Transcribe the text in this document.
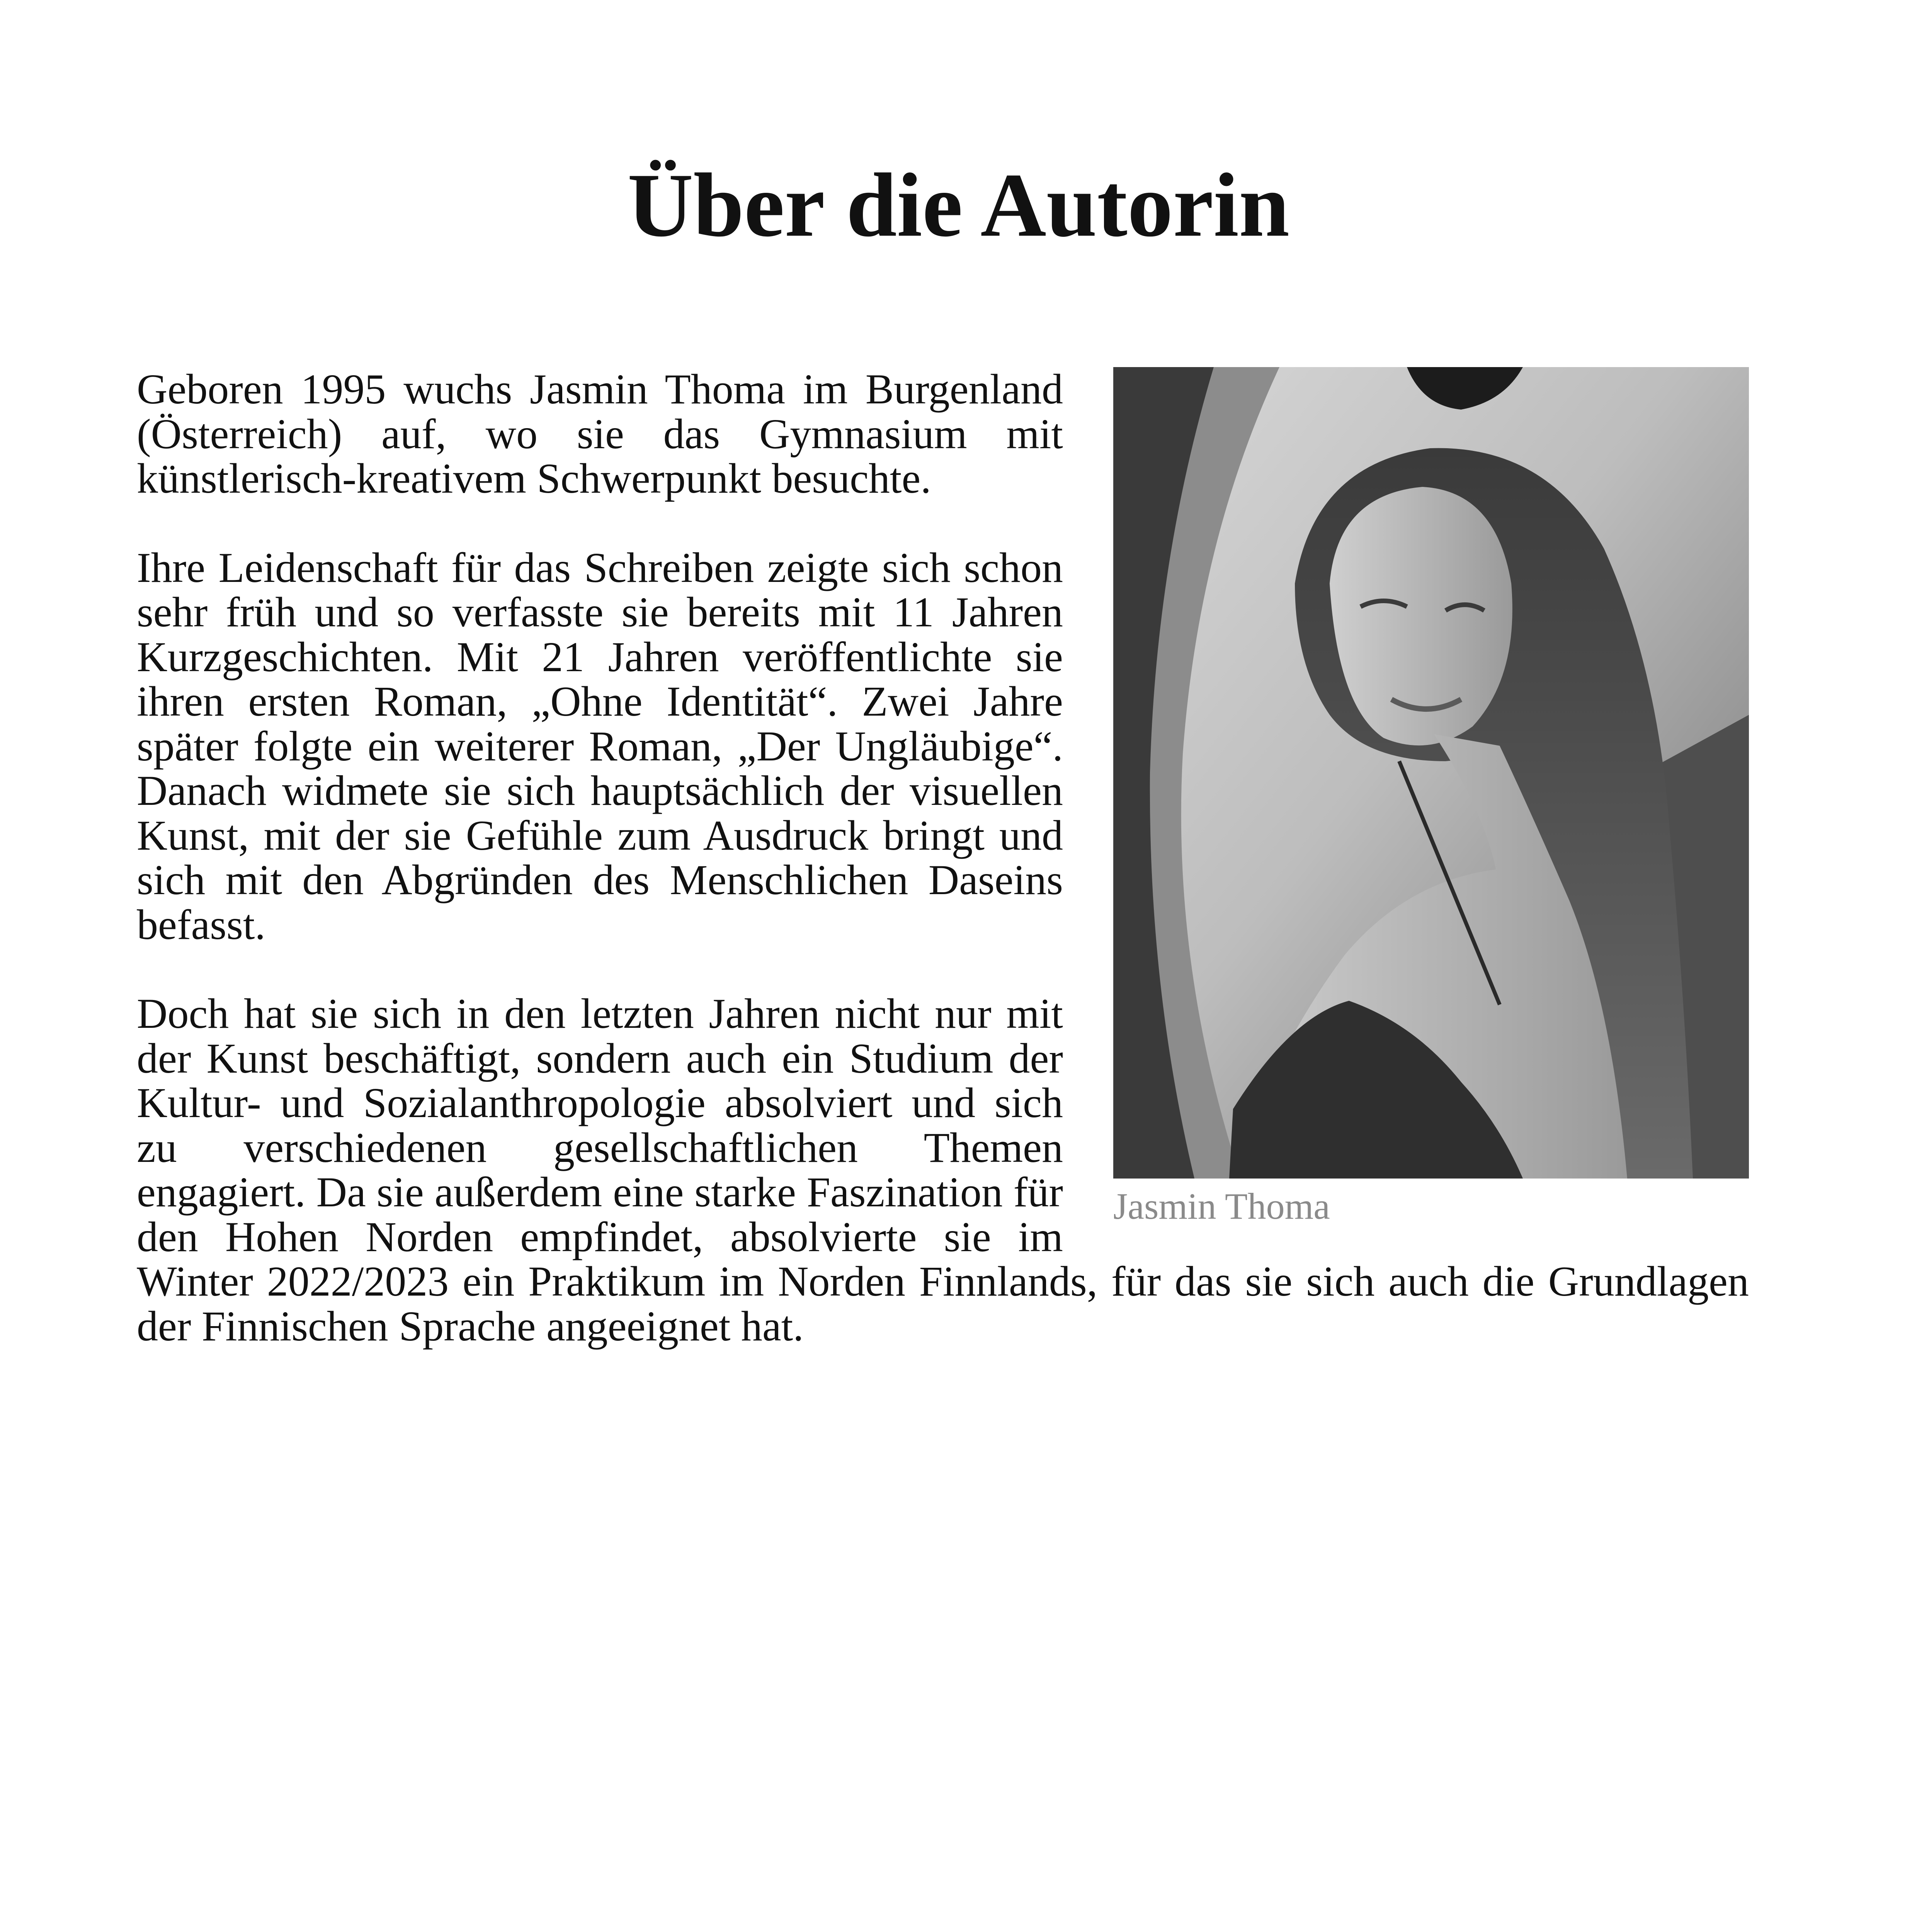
Über die Autorin
Jasmin Thoma

Geboren 1995 wuchs Jasmin Thoma im Burgenland (Österreich) auf, wo sie das Gymnasium mit künstlerisch-kreativem Schwerpunkt besuchte.

Ihre Leidenschaft für das Schreiben zeigte sich schon sehr früh und so verfasste sie bereits mit 11 Jahren Kurzgeschichten. Mit 21 Jahren veröffentlichte sie ihren ersten Roman, „Ohne Identität“. Zwei Jahre später folgte ein weiterer Roman, „Der Ungläubige“. Danach widmete sie sich hauptsächlich der visuellen Kunst, mit der sie Gefühle zum Ausdruck bringt und sich mit den Abgründen des Menschlichen Daseins befasst.

Doch hat sie sich in den letzten Jahren nicht nur mit der Kunst beschäftigt, sondern auch ein Studium der Kultur- und Sozialanthropologie absolviert und sich zu verschiedenen gesellschaftlichen Themen engagiert. Da sie außerdem eine starke Faszination für den Hohen Norden empfindet, absolvierte sie im Winter 2022/2023 ein Praktikum im Norden Finnlands, für das sie sich auch die Grundlagen der Finnischen Sprache angeeignet hat.
